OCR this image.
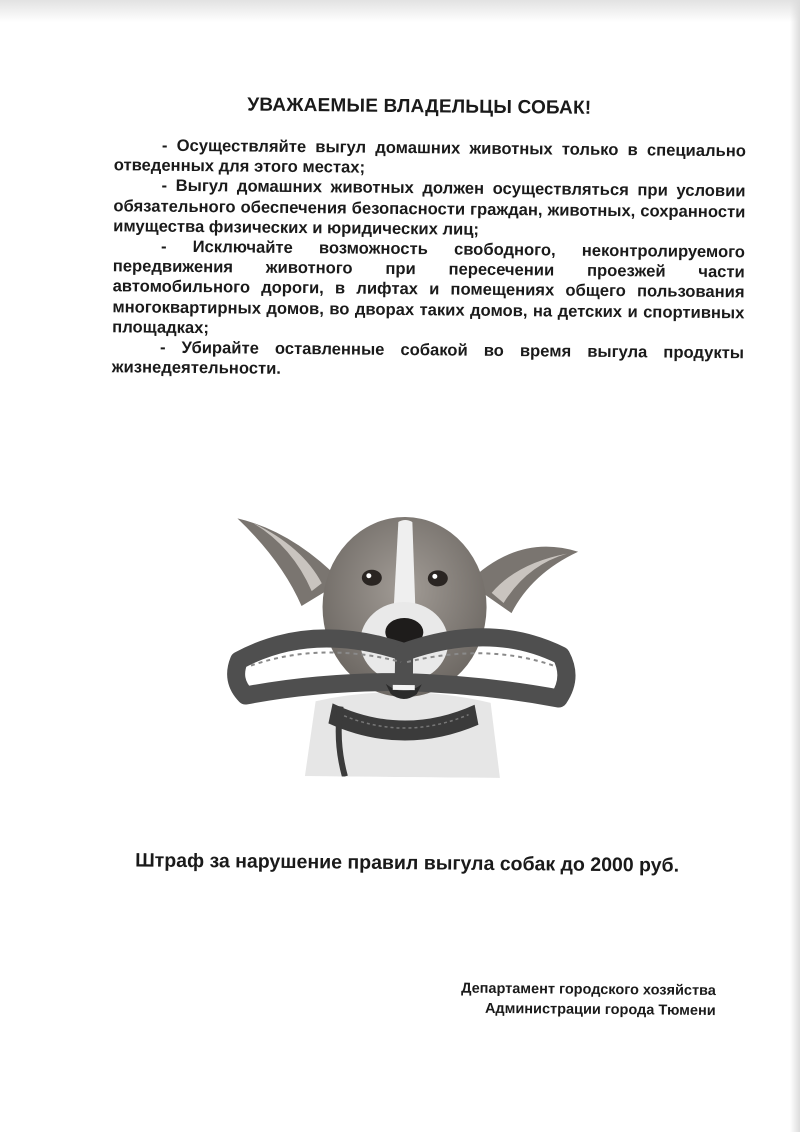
УВАЖАЕМЫЕ ВЛАДЕЛЬЦЫ СОБАК!

- Осуществляйте выгул домашних животных только в специально отведенных для этого местах;

- Выгул домашних животных должен осуществляться при условии обязательного обеспечения безопасности граждан, животных, сохранности имущества физических и юридических лиц;

- Исключайте возможность свободного, неконтролируемого передвижения животного при пересечении проезжей части автомобильного дороги, в лифтах и помещениях общего пользования многоквартирных домов, во дворах таких домов, на детских и спортивных площадках;

- Убирайте оставленные собакой во время выгула продукты жизнедеятельности.

Штраф за нарушение правил выгула собак до 2000 руб.
Департамент городского хозяйства
Администрации города Тюмени
